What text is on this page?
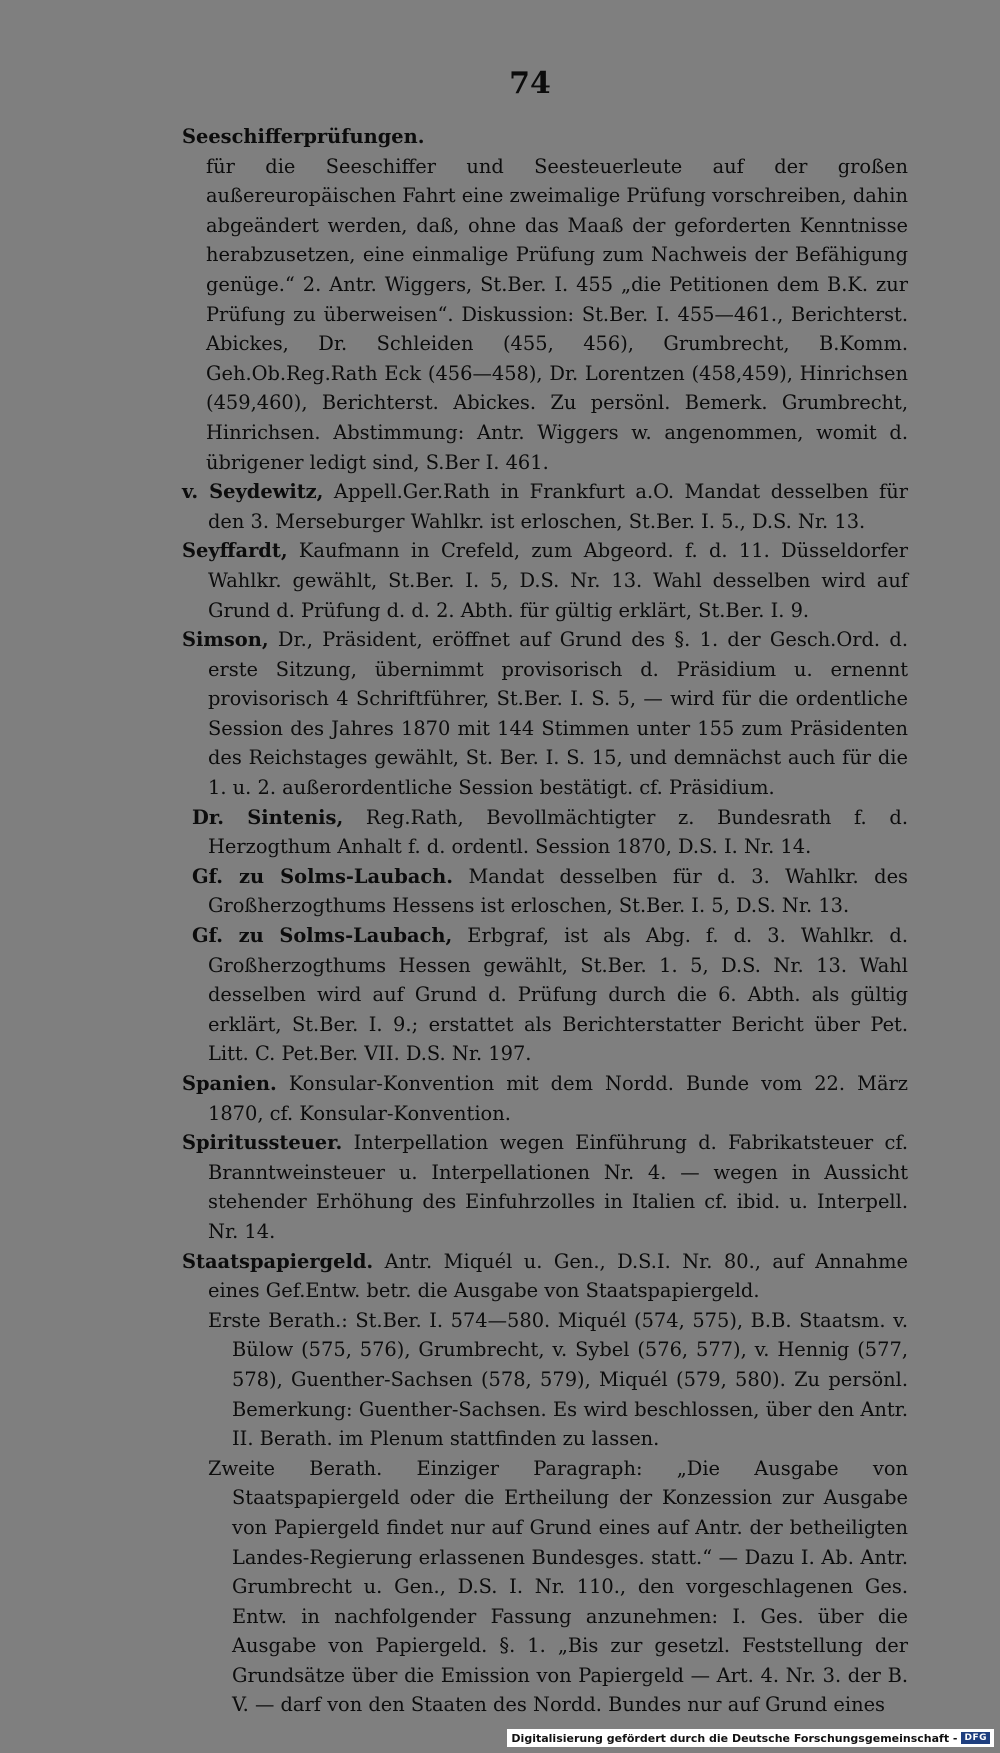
74

Seeschifferprüfungen.

für die Seeschiffer und Seesteuerleute auf der großen außereuropäischen Fahrt eine zweimalige Prüfung vorschreiben, dahin abgeändert werden, daß, ohne das Maaß der geforderten Kenntnisse herabzusetzen, eine einmalige Prüfung zum Nachweis der Befähigung genüge.“ 2. Antr. Wiggers, St.Ber. I. 455 „die Petitionen dem B.K. zur Prüfung zu überweisen“. Diskussion: St.Ber. I. 455—461., Berichterst. Abickes, Dr. Schleiden (455, 456), Grumbrecht, B.Komm. Geh.Ob.Reg.Rath Eck (456—458), Dr. Lorentzen (458,459), Hinrichsen (459,460), Berichterst. Abickes. Zu persönl. Bemerk. Grumbrecht, Hinrichsen. Abstimmung: Antr. Wiggers w. angenommen, womit d. übrigener ledigt sind, S.Ber I. 461.

v. Seydewitz, Appell.Ger.Rath in Frankfurt a.O. Mandat desselben für den 3. Merseburger Wahlkr. ist erloschen, St.Ber. I. 5., D.S. Nr. 13.

Seyffardt, Kaufmann in Crefeld, zum Abgeord. f. d. 11. Düsseldorfer Wahlkr. gewählt, St.Ber. I. 5, D.S. Nr. 13. Wahl desselben wird auf Grund d. Prüfung d. d. 2. Abth. für gültig erklärt, St.Ber. I. 9.

Simson, Dr., Präsident, eröffnet auf Grund des §. 1. der Gesch.Ord. d. erste Sitzung, übernimmt provisorisch d. Präsidium u. ernennt provisorisch 4 Schriftführer, St.Ber. I. S. 5, — wird für die ordentliche Session des Jahres 1870 mit 144 Stimmen unter 155 zum Präsidenten des Reichstages gewählt, St. Ber. I. S. 15, und demnächst auch für die 1. u. 2. außerordentliche Session bestätigt. cf. Präsidium.

Dr. Sintenis, Reg.Rath, Bevollmächtigter z. Bundesrath f. d. Herzogthum Anhalt f. d. ordentl. Session 1870, D.S. I. Nr. 14.

Gf. zu Solms-Laubach. Mandat desselben für d. 3. Wahlkr. des Großherzogthums Hessens ist erloschen, St.Ber. I. 5, D.S. Nr. 13.

Gf. zu Solms-Laubach, Erbgraf, ist als Abg. f. d. 3. Wahlkr. d. Großherzogthums Hessen gewählt, St.Ber. 1. 5, D.S. Nr. 13. Wahl desselben wird auf Grund d. Prüfung durch die 6. Abth. als gültig erklärt, St.Ber. I. 9.; erstattet als Berichterstatter Bericht über Pet. Litt. C. Pet.Ber. VII. D.S. Nr. 197.

Spanien. Konsular-Konvention mit dem Nordd. Bunde vom 22. März 1870, cf. Konsular-Konvention.

Spiritussteuer. Interpellation wegen Einführung d. Fabrikatsteuer cf. Branntweinsteuer u. Interpellationen Nr. 4. — wegen in Aussicht stehender Erhöhung des Einfuhrzolles in Italien cf. ibid. u. Interpell. Nr. 14.

Staatspapiergeld. Antr. Miquél u. Gen., D.S.I. Nr. 80., auf Annahme eines Gef.Entw. betr. die Ausgabe von Staatspapiergeld.

Erste Berath.: St.Ber. I. 574—580. Miquél (574, 575), B.B. Staatsm. v. Bülow (575, 576), Grumbrecht, v. Sybel (576, 577), v. Hennig (577, 578), Guenther-Sachsen (578, 579), Miquél (579, 580). Zu persönl. Bemerkung: Guenther-Sachsen. Es wird beschlossen, über den Antr. II. Berath. im Plenum stattfinden zu lassen.

Zweite Berath. Einziger Paragraph: „Die Ausgabe von Staatspapiergeld oder die Ertheilung der Konzession zur Ausgabe von Papiergeld findet nur auf Grund eines auf Antr. der betheiligten Landes-Regierung erlassenen Bundesges. statt.“ — Dazu I. Ab. Antr. Grumbrecht u. Gen., D.S. I. Nr. 110., den vorgeschlagenen Ges. Entw. in nachfolgender Fassung anzunehmen: I. Ges. über die Ausgabe von Papiergeld. §. 1. „Bis zur gesetzl. Feststellung der Grundsätze über die Emission von Papiergeld — Art. 4. Nr. 3. der B. V. — darf von den Staaten des Nordd. Bundes nur auf Grund eines

Digitalisierung gefördert durch die Deutsche Forschungsgemeinschaft - DFG
